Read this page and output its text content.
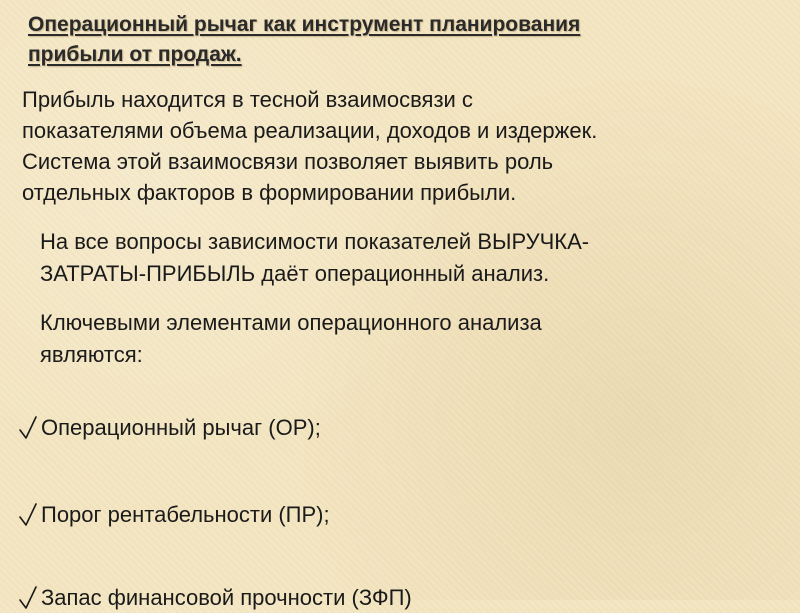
Операционный рычаг как инструмент планирования
прибыли от продаж.
Прибыль находится в тесной взаимосвязи с
показателями объема реализации, доходов и издержек.
Система этой взаимосвязи позволяет выявить роль
отдельных факторов в формировании прибыли.
На все вопросы зависимости показателей ВЫРУЧКА-
ЗАТРАТЫ-ПРИБЫЛЬ даёт операционный анализ.
Ключевыми элементами операционного анализа
являются:
Операционный рычаг (ОР);
Порог рентабельности (ПР);
Запас финансовой прочности (ЗФП)
